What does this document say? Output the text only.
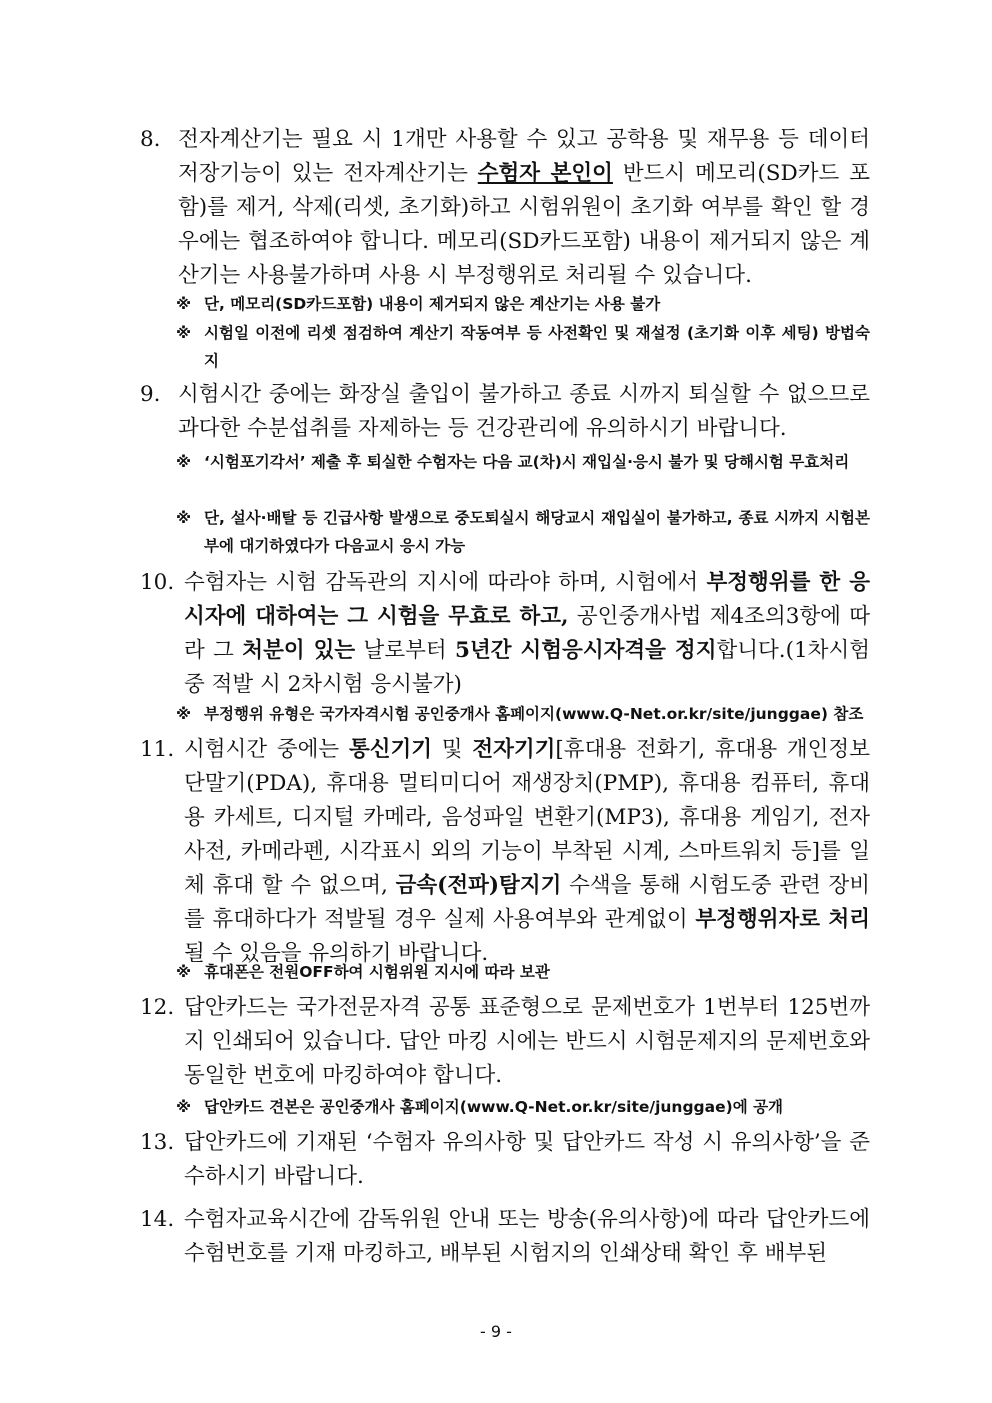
8. 전자계산기는 필요 시 1개만 사용할 수 있고 공학용 및 재무용 등 데이터 저장기능이 있는 전자계산기는 수험자 본인이 반드시 메모리(SD카드 포함)를 제거, 삭제(리셋, 초기화)하고 시험위원이 초기화 여부를 확인 할 경우에는 협조하여야 합니다. 메모리(SD카드포함) 내용이 제거되지 않은 계산기는 사용불가하며 사용 시 부정행위로 처리될 수 있습니다.
※ 단, 메모리(SD카드포함) 내용이 제거되지 않은 계산기는 사용 불가
※ 시험일 이전에 리셋 점검하여 계산기 작동여부 등 사전확인 및 재설정 (초기화 이후 세팅) 방법숙지
9. 시험시간 중에는 화장실 출입이 불가하고 종료 시까지 퇴실할 수 없으므로 과다한 수분섭취를 자제하는 등 건강관리에 유의하시기 바랍니다.
※ ‘시험포기각서’ 제출 후 퇴실한 수험자는 다음 교(차)시 재입실·응시 불가 및 당해시험 무효처리
※ 단, 설사·배탈 등 긴급사항 발생으로 중도퇴실시 해당교시 재입실이 불가하고, 종료 시까지 시험본부에 대기하였다가 다음교시 응시 가능
10. 수험자는 시험 감독관의 지시에 따라야 하며, 시험에서 부정행위를 한 응시자에 대하여는 그 시험을 무효로 하고, 공인중개사법 제4조의3항에 따라 그 처분이 있는 날로부터 5년간 시험응시자격을 정지합니다.(1차시험 중 적발 시 2차시험 응시불가)
※ 부정행위 유형은 국가자격시험 공인중개사 홈페이지(www.Q-Net.or.kr/site/junggae) 참조
11. 시험시간 중에는 통신기기 및 전자기기[휴대용 전화기, 휴대용 개인정보 단말기(PDA), 휴대용 멀티미디어 재생장치(PMP), 휴대용 컴퓨터, 휴대용 카세트, 디지털 카메라, 음성파일 변환기(MP3), 휴대용 게임기, 전자사전, 카메라펜, 시각표시 외의 기능이 부착된 시계, 스마트워치 등]를 일체 휴대 할 수 없으며, 금속(전파)탐지기 수색을 통해 시험도중 관련 장비를 휴대하다가 적발될 경우 실제 사용여부와 관계없이 부정행위자로 처리될 수 있음을 유의하기 바랍니다.
※ 휴대폰은 전원OFF하여 시험위원 지시에 따라 보관
12. 답안카드는 국가전문자격 공통 표준형으로 문제번호가 1번부터 125번까지 인쇄되어 있습니다. 답안 마킹 시에는 반드시 시험문제지의 문제번호와 동일한 번호에 마킹하여야 합니다.
※ 답안카드 견본은 공인중개사 홈페이지(www.Q-Net.or.kr/site/junggae)에 공개
13. 답안카드에 기재된 ‘수험자 유의사항 및 답안카드 작성 시 유의사항’을 준수하시기 바랍니다.
14. 수험자교육시간에 감독위원 안내 또는 방송(유의사항)에 따라 답안카드에 수험번호를 기재 마킹하고, 배부된 시험지의 인쇄상태 확인 후 배부된
- 9 -
